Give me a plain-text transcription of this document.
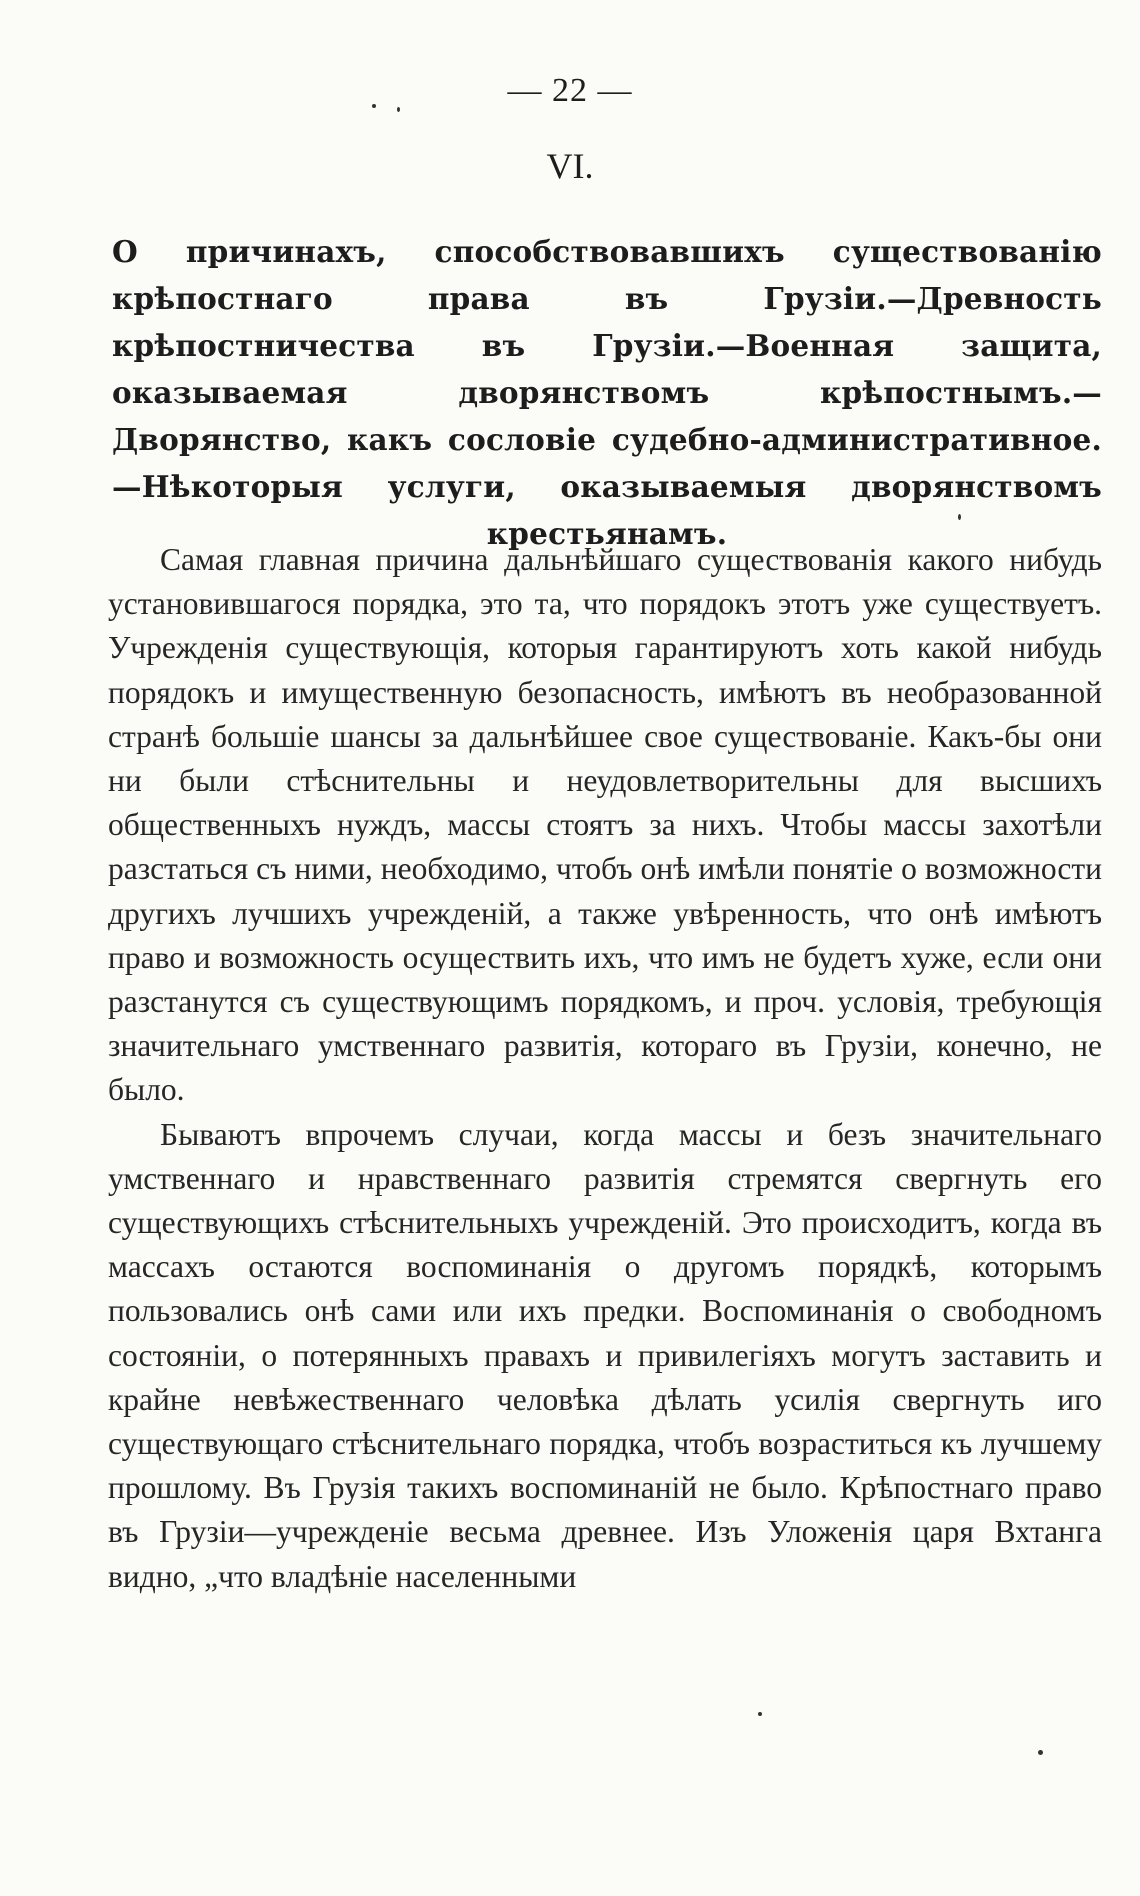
— 22 —
VI.
О причинахъ, способствовавшихъ существованію крѣпостнаго права въ Грузіи.—Древность крѣпостничества въ Грузіи.—Военная защита, оказываемая дворянствомъ крѣпостнымъ.—Дворянство, какъ сословіе судебно-административное.—Нѣкоторыя услуги, оказываемыя дворянствомъ крестьянамъ.

Самая главная причина дальнѣйшаго существованія какого нибудь установившагося порядка, это та, что порядокъ этотъ уже существуетъ. Учрежденія существующія, которыя гарантируютъ хоть какой нибудь порядокъ и имущественную безопасность, имѣютъ въ необразованной странѣ большіе шансы за дальнѣйшее свое существованіе. Какъ-бы они ни были стѣснительны и неудовлетворительны для высшихъ общественныхъ нуждъ, массы стоятъ за нихъ. Чтобы массы захотѣли разстаться съ ними, необходимо, чтобъ онѣ имѣли понятіе о возможности другихъ лучшихъ учрежденій, а также увѣренность, что онѣ имѣютъ право и возможность осуществить ихъ, что имъ не будетъ хуже, если они разстанутся съ существующимъ порядкомъ, и проч. условія, требующія значительнаго умственнаго развитія, котораго въ Грузіи, конечно, не было.

Бываютъ впрочемъ случаи, когда массы и безъ значительнаго умственнаго и нравственнаго развитія стремятся свергнуть его существующихъ стѣснительныхъ учрежденій. Это происходитъ, когда въ массахъ остаются воспоминанія о другомъ порядкѣ, которымъ пользовались онѣ сами или ихъ предки. Воспоминанія о свободномъ состояніи, о потерянныхъ правахъ и привилегіяхъ могутъ заставить и крайне невѣжественнаго человѣка дѣлать усилія свергнуть иго существующаго стѣснительнаго порядка, чтобъ возраститься къ лучшему прошлому. Въ Грузія такихъ воспоминаній не было. Крѣпостнаго право въ Грузіи—учрежденіе весьма древнее. Изъ Уложенія царя Вхтанга видно, „что владѣніе населенными
